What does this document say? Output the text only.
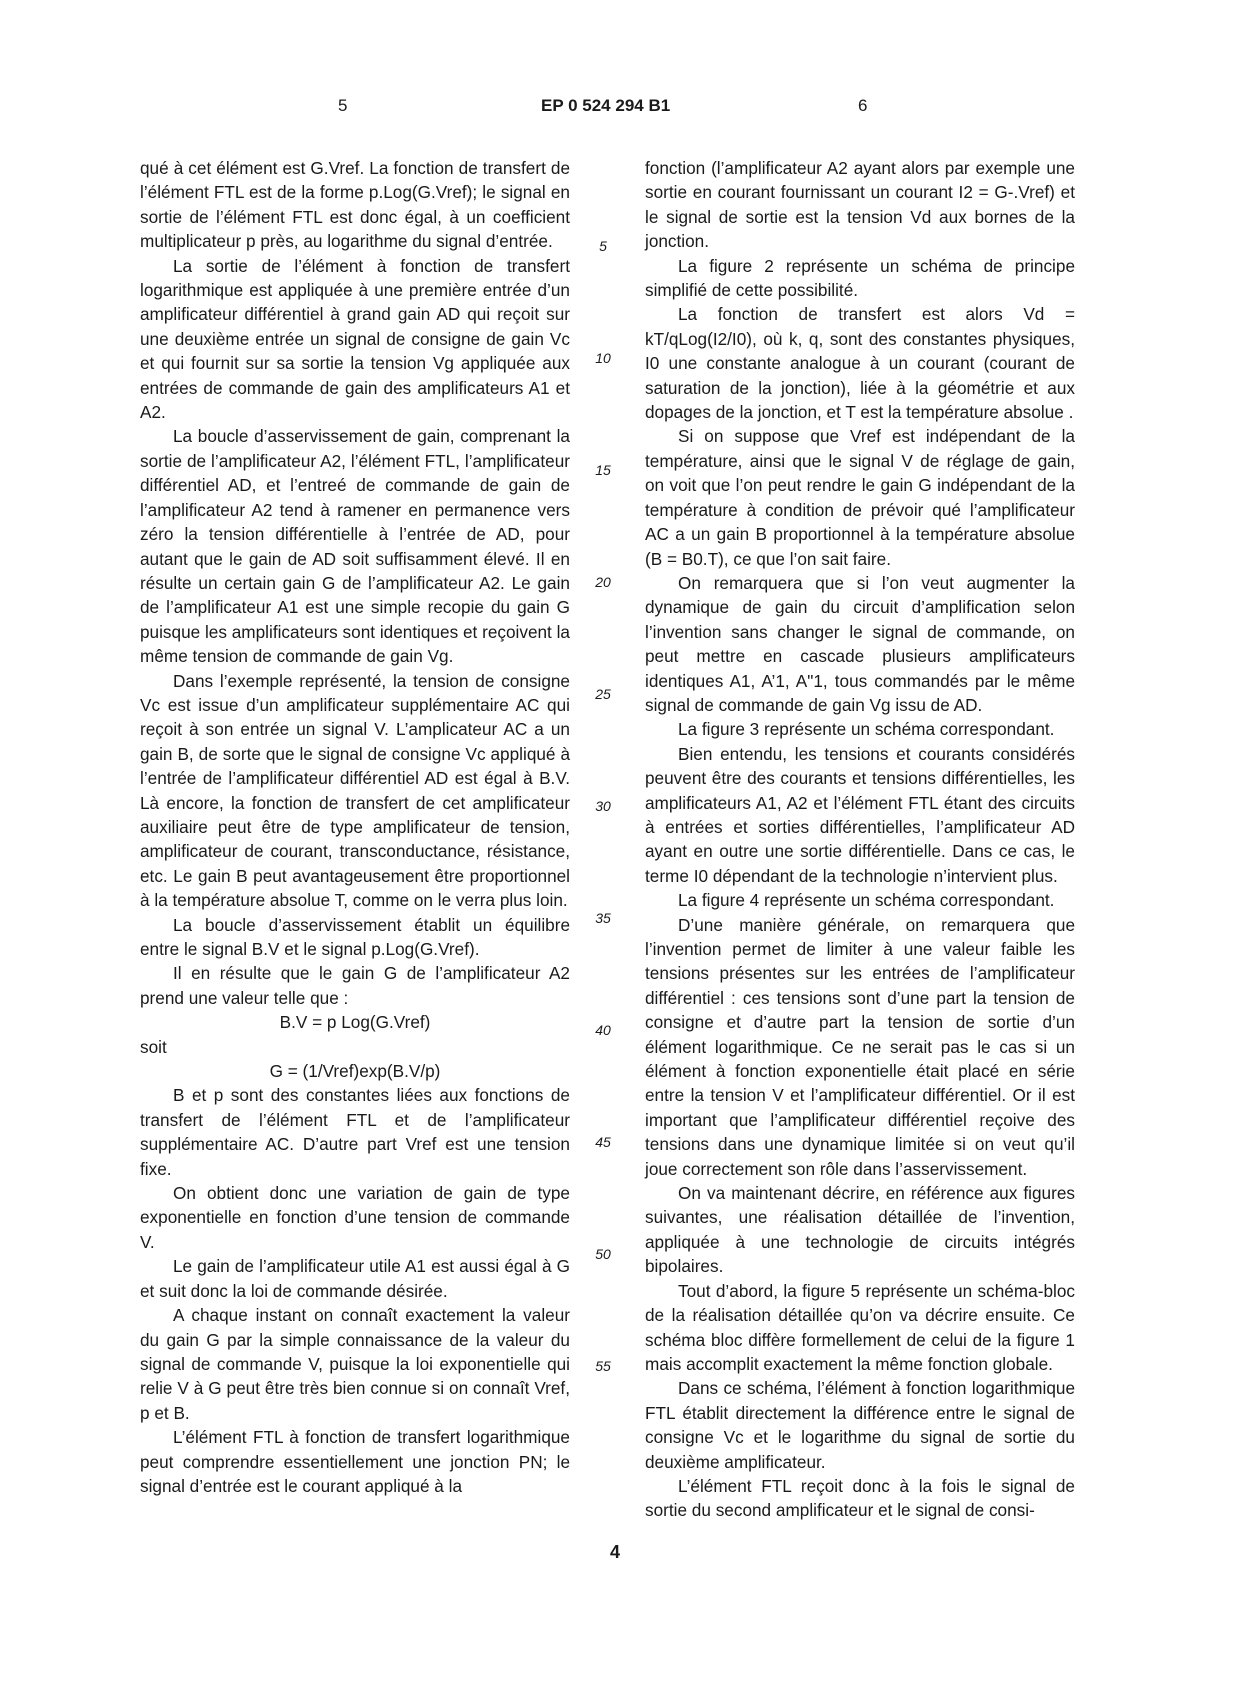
5	EP 0 524 294 B1	6

qué à cet élément est G.Vref. La fonction de transfert de l’élément FTL est de la forme p.Log(G.Vref); le signal en sortie de l’élément FTL est donc égal, à un coefficient multiplicateur p près, au logarithme du signal d’entrée.

La sortie de l’élément à fonction de transfert logarithmique est appliquée à une première entrée d’un amplificateur différentiel à grand gain AD qui reçoit sur une deuxième entrée un signal de consigne de gain Vc et qui fournit sur sa sortie la tension Vg appliquée aux entrées de commande de gain des amplificateurs A1 et A2.

La boucle d’asservissement de gain, comprenant la sortie de l’amplificateur A2, l’élément FTL, l’amplificateur différentiel AD, et l’entreé de commande de gain de l’amplificateur A2 tend à ramener en permanence vers zéro la tension différentielle à l’entrée de AD, pour autant que le gain de AD soit suffisamment élevé. Il en résulte un certain gain G de l’amplificateur A2. Le gain de l’amplificateur A1 est une simple recopie du gain G puisque les amplificateurs sont identiques et reçoivent la même tension de commande de gain Vg.

Dans l’exemple représenté, la tension de consigne Vc est issue d’un amplificateur supplémentaire AC qui reçoit à son entrée un signal V. L’amplicateur AC a un gain B, de sorte que le signal de consigne Vc appliqué à l’entrée de l’amplificateur différentiel AD est égal à B.V. Là encore, la fonction de transfert de cet amplificateur auxiliaire peut être de type amplificateur de tension, amplificateur de courant, transconductance, résistance, etc. Le gain B peut avantageusement être proportionnel à la température absolue T, comme on le verra plus loin.

La boucle d’asservissement établit un équilibre entre le signal B.V et le signal p.Log(G.Vref).

Il en résulte que le gain G de l’amplificateur A2 prend une valeur telle que :

B.V = p Log(G.Vref)
soit
G = (1/Vref)exp(B.V/p)

B et p sont des constantes liées aux fonctions de transfert de l’élément FTL et de l’amplificateur supplémentaire AC. D’autre part Vref est une tension fixe.

On obtient donc une variation de gain de type exponentielle en fonction d’une tension de commande V.

Le gain de l’amplificateur utile A1 est aussi égal à G et suit donc la loi de commande désirée.

A chaque instant on connaît exactement la valeur du gain G par la simple connaissance de la valeur du signal de commande V, puisque la loi exponentielle qui relie V à G peut être très bien connue si on connaît Vref, p et B.

L’élément FTL à fonction de transfert logarithmique peut comprendre essentiellement une jonction PN; le signal d’entrée est le courant appliqué à la

5
10
15
20
25
30
35
40
45
50
55

fonction (l’amplificateur A2 ayant alors par exemple une sortie en courant fournissant un courant I2 = G-.Vref) et le signal de sortie est la tension Vd aux bornes de la jonction.

La figure 2 représente un schéma de principe simplifié de cette possibilité.

La fonction de transfert est alors Vd = kT/qLog(I2/I0), où k, q, sont des constantes physiques, I0 une constante analogue à un courant (courant de saturation de la jonction), liée à la géométrie et aux dopages de la jonction, et T est la température absolue .

Si on suppose que Vref est indépendant de la température, ainsi que le signal V de réglage de gain, on voit que l’on peut rendre le gain G indépendant de la température à condition de prévoir qué l’amplificateur AC a un gain B proportionnel à la température absolue (B = B0.T), ce que l’on sait faire.

On remarquera que si l’on veut augmenter la dynamique de gain du circuit d’amplification selon l’invention sans changer le signal de commande, on peut mettre en cascade plusieurs amplificateurs identiques A1, A’1, A"1, tous commandés par le même signal de commande de gain Vg issu de AD.

La figure 3 représente un schéma correspondant.

Bien entendu, les tensions et courants considérés peuvent être des courants et tensions différentielles, les amplificateurs A1, A2 et l’élément FTL étant des circuits à entrées et sorties différentielles, l’amplificateur AD ayant en outre une sortie différentielle. Dans ce cas, le terme I0 dépendant de la technologie n’intervient plus.

La figure 4 représente un schéma correspondant.

D’une manière générale, on remarquera que l’invention permet de limiter à une valeur faible les tensions présentes sur les entrées de l’amplificateur différentiel : ces tensions sont d’une part la tension de consigne et d’autre part la tension de sortie d’un élément logarithmique. Ce ne serait pas le cas si un élément à fonction exponentielle était placé en série entre la tension V et l’amplificateur différentiel. Or il est important que l’amplificateur différentiel reçoive des tensions dans une dynamique limitée si on veut qu’il joue correctement son rôle dans l’asservissement.

On va maintenant décrire, en référence aux figures suivantes, une réalisation détaillée de l’invention, appliquée à une technologie de circuits intégrés bipolaires.

Tout d’abord, la figure 5 représente un schéma-bloc de la réalisation détaillée qu’on va décrire ensuite. Ce schéma bloc diffère formellement de celui de la figure 1 mais accomplit exactement la même fonction globale.

Dans ce schéma, l’élément à fonction logarithmique FTL établit directement la différence entre le signal de consigne Vc et le logarithme du signal de sortie du deuxième amplificateur.

L’élément FTL reçoit donc à la fois le signal de sortie du second amplificateur et le signal de consi-

4
